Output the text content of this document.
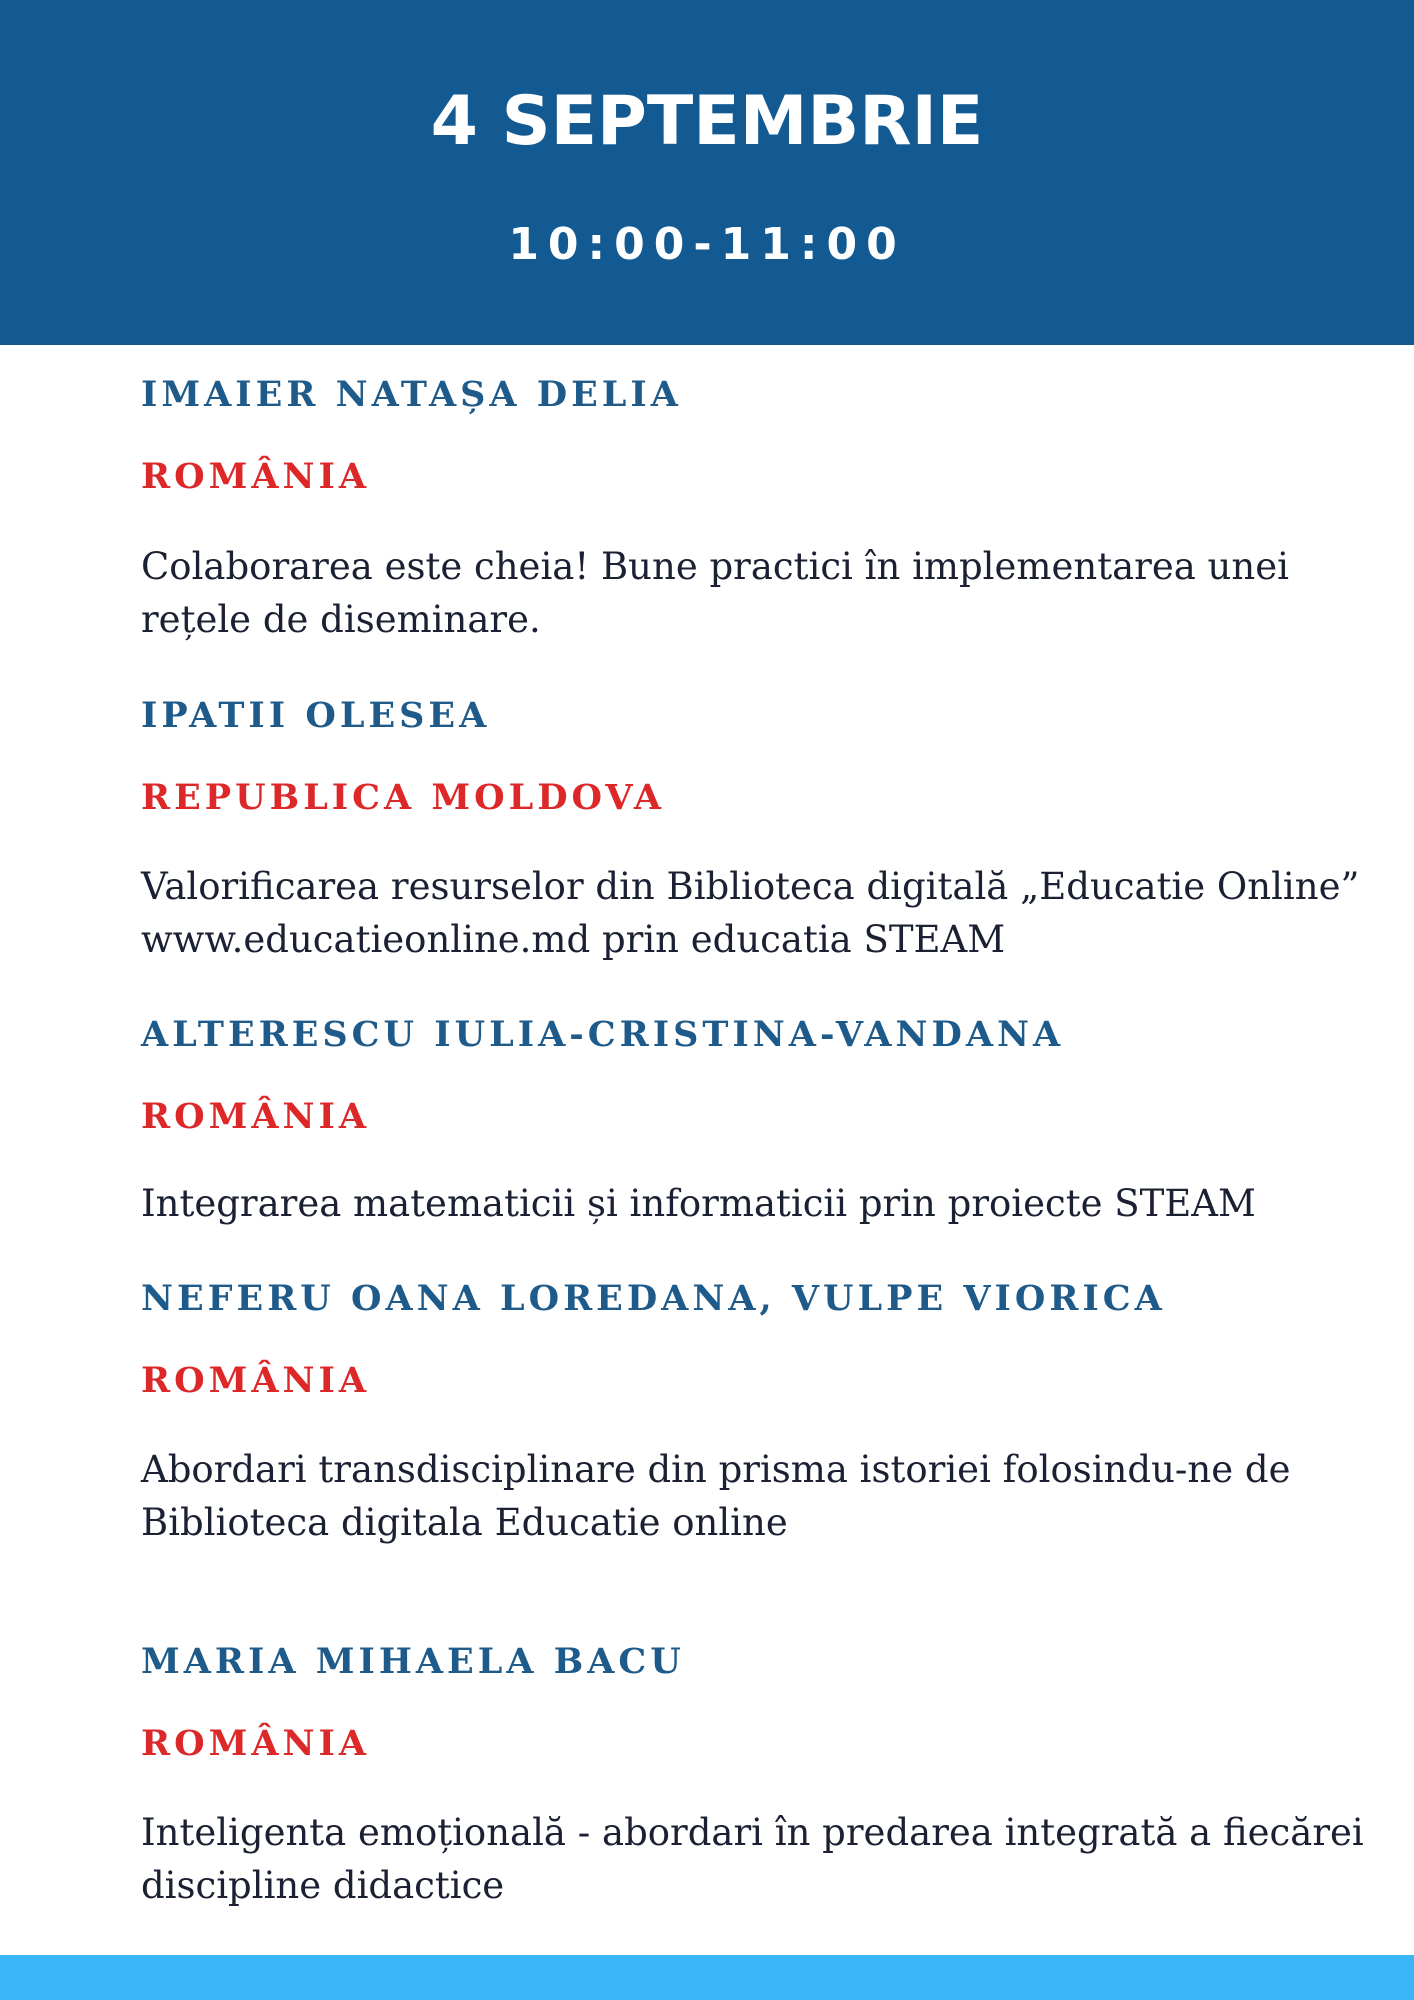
4 SEPTEMBRIE
10:00-11:00
IMAIER NATAȘA DELIA
ROMÂNIA
Colaborarea este cheia! Bune practici în implementarea unei rețele de diseminare.
IPATII OLESEA
REPUBLICA MOLDOVA
Valorificarea resurselor din Biblioteca digitală „Educatie Online” www.educatieonline.md prin educatia STEAM
ALTERESCU IULIA-CRISTINA-VANDANA
ROMÂNIA
Integrarea matematicii și informaticii prin proiecte STEAM
NEFERU OANA LOREDANA, VULPE VIORICA
ROMÂNIA
Abordari transdisciplinare din prisma istoriei folosindu-ne de Biblioteca digitala Educatie online
MARIA MIHAELA BACU
ROMÂNIA
Inteligenta emoțională - abordari în predarea integrată a fiecărei discipline didactice
